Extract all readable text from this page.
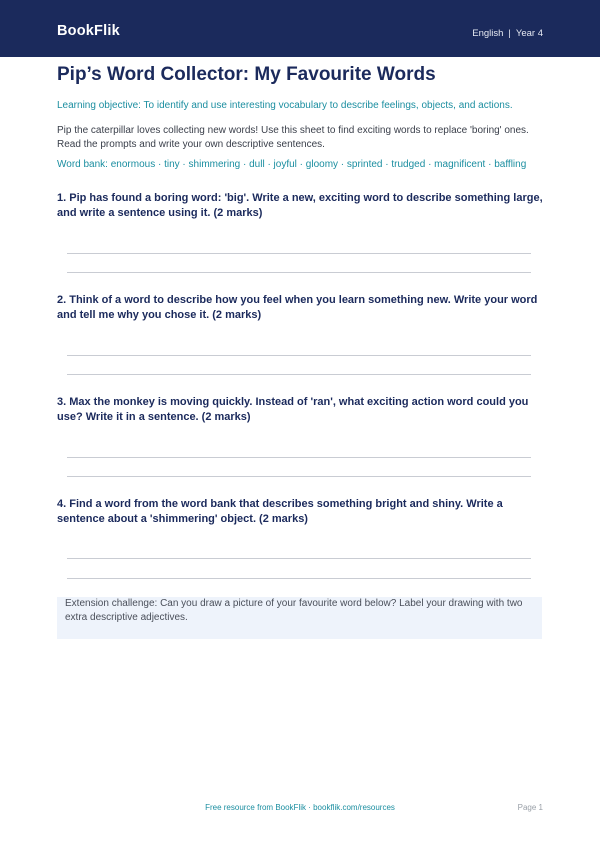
BookFlik	English | Year 4
Pip’s Word Collector: My Favourite Words
Learning objective: To identify and use interesting vocabulary to describe feelings, objects, and actions.
Pip the caterpillar loves collecting new words! Use this sheet to find exciting words to replace 'boring' ones. Read the prompts and write your own descriptive sentences.
Word bank: enormous · tiny · shimmering · dull · joyful · gloomy · sprinted · trudged · magnificent · baffling
1. Pip has found a boring word: 'big'. Write a new, exciting word to describe something large, and write a sentence using it. (2 marks)
2. Think of a word to describe how you feel when you learn something new. Write your word and tell me why you chose it. (2 marks)
3. Max the monkey is moving quickly. Instead of 'ran', what exciting action word could you use? Write it in a sentence. (2 marks)
4. Find a word from the word bank that describes something bright and shiny. Write a sentence about a 'shimmering' object. (2 marks)
Extension challenge: Can you draw a picture of your favourite word below? Label your drawing with two extra descriptive adjectives.
Free resource from BookFlik · bookflik.com/resources	Page 1
